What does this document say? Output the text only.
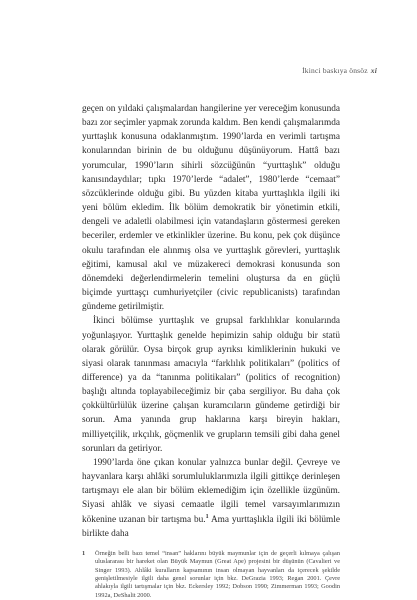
İkinci baskıya önsöz xi

geçen on yıldaki çalışmalardan hangilerine yer vereceğim konusunda bazı zor seçimler yapmak zorunda kaldım. Ben kendi çalışmalarımda yurttaşlık konusuna odaklanmıştım. 1990’larda en verimli tartışma konularından birinin de bu olduğunu düşünüyorum. Hattâ bazı yorumcular, 1990’ların sihirli sözcüğünün “yurttaşlık” olduğu kanısındaydılar; tıpkı 1970’lerde “adalet”, 1980’lerde “cemaat” sözcüklerinde olduğu gibi. Bu yüzden kitaba yurttaşlıkla ilgili iki yeni bölüm ekledim. İlk bölüm demokratik bir yönetimin etkili, dengeli ve adaletli olabilmesi için vatandaşların göstermesi gereken beceriler, erdemler ve etkinlikler üzerine. Bu konu, pek çok düşünce okulu tarafından ele alınmış olsa ve yurttaşlık görevleri, yurttaşlık eğitimi, kamusal akıl ve müzakereci demokrasi konusunda son dönemdeki değerlendirmelerin temelini oluştursa da en güçlü biçimde yurttaşçı cumhuriyetçiler (civic republicanists) tarafından gündeme getirilmiştir.

İkinci bölümse yurttaşlık ve grupsal farklılıklar konularında yoğunlaşıyor. Yurttaşlık genelde hepimizin sahip olduğu bir statü olarak görülür. Oysa birçok grup ayrıksı kimliklerinin hukuki ve siyasi olarak tanınması amacıyla “farklılık politikaları” (politics of difference) ya da “tanınma politikaları” (politics of recognition) başlığı altında toplayabileceğimiz bir çaba sergiliyor. Bu daha çok çokkültürlülük üzerine çalışan kuramcıların gündeme getirdiği bir sorun. Ama yanında grup haklarına karşı bireyin hakları, milliyetçilik, ırkçılık, göçmenlik ve grupların temsili gibi daha genel sorunları da getiriyor.

1990’larda öne çıkan konular yalnızca bunlar değil. Çevreye ve hayvanlara karşı ahlâki sorumluluklarımızla ilgili gittikçe derinleşen tartışmayı ele alan bir bölüm eklemediğim için özellikle üzgünüm. Siyasi ahlâk ve siyasi cemaatle ilgili temel varsayımlarımızın kökenine uzanan bir tartışma bu.$^1$ Ama yurttaşlıkla ilgili iki bölümle birlikte daha

1	Örneğin belli bazı temel “insan” haklarını büyük maymunlar için de geçerli kılmaya çalışan uluslararası bir hareket olan Büyük Maymun (Great Ape) projesini bir düşünün (Cavalieri ve Singer 1993). Ahlâki kuralların kapsamının insan olmayan hayvanları da içerecek şekilde genişletilmesiyle ilgili daha genel sorunlar için bkz. DeGrazia 1993; Regan 2001. Çevre ahlakıyla ilgili tartışmalar için bkz. Eckersley 1992; Dobson 1990; Zimmerman 1993; Goodin 1992a, DeShalit 2000.
